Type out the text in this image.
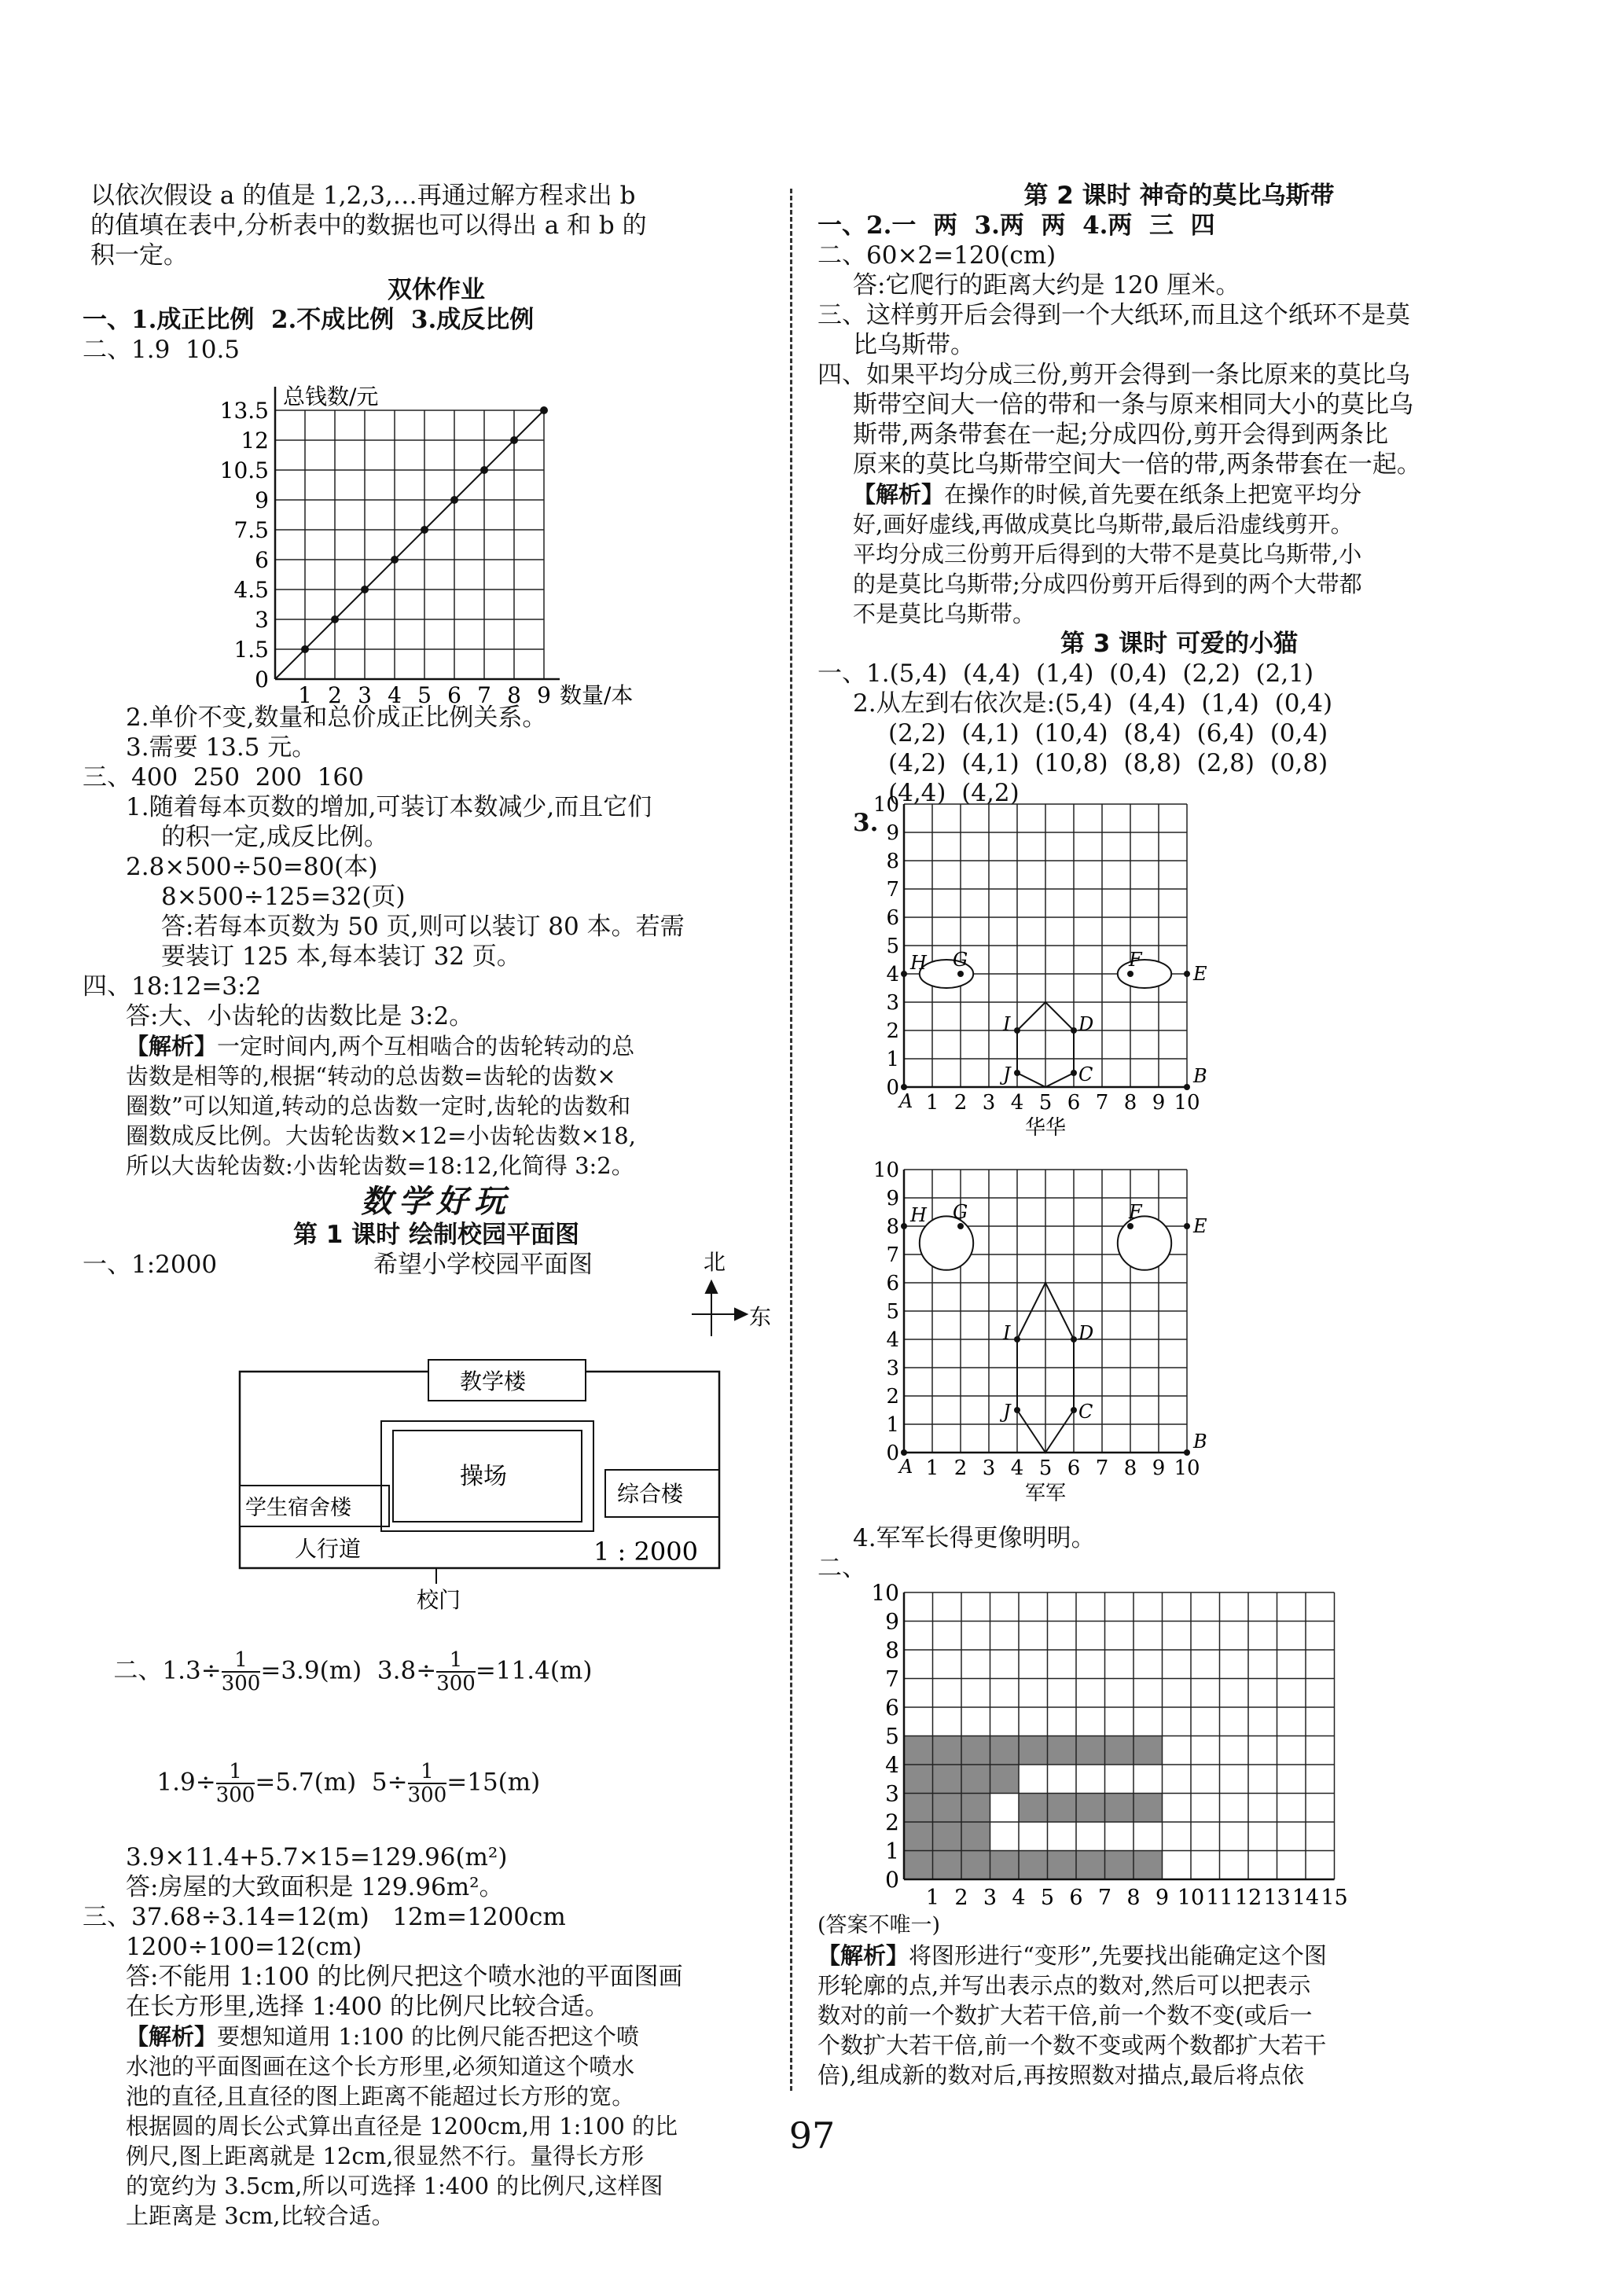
以依次假设 a 的值是 1,2,3,…再通过解方程求出 b

的值填在表中,分析表中的数据也可以得出 a 和 b 的

积一定。

双休作业

一、1.成正比例  2.不成比例  3.成反比例

二、1.9  10.5

0
1.5
3
4.5
6
7.5
9
10.5
12
13.5
1 2 3 4 5 6 7 8 9
总钱数/元
数量/本

2.单价不变,数量和总价成正比例关系。

3.需要 13.5 元。

三、400  250  200  160

1.随着每本页数的增加,可装订本数减少,而且它们

的积一定,成反比例。

2.8×500÷50=80(本)

8×500÷125=32(页)

答:若每本页数为 50 页,则可以装订 80 本。若需

要装订 125 本,每本装订 32 页。

四、18:12=3:2

答:大、小齿轮的齿数比是 3:2。

【解析】一定时间内,两个互相啮合的齿轮转动的总

齿数是相等的,根据“转动的总齿数=齿轮的齿数×

圈数”可以知道,转动的总齿数一定时,齿轮的齿数和

圈数成反比例。大齿轮齿数×12=小齿轮齿数×18,

所以大齿轮齿数:小齿轮齿数=18:12,化简得 3:2。

数学好玩

第 1 课时 绘制校园平面图

一、1:2000	希望小学校园平面图	北
东
教学楼
学生宿舍楼
操场
综合楼
人行道	1 : 2000
校门

二、$1.3\div \frac{1}{300} =3.9(m)$  $3.8\div \frac{1}{300} =11.4(m)$

$1.9\div \frac{1}{300} =5.7(m)$  $5\div \frac{1}{300} =15(m)$

3.9×11.4+5.7×15=129.96(m²)

答:房屋的大致面积是 129.96m²。

三、37.68÷3.14=12(m)   12m=1200cm

1200÷100=12(cm)

答:不能用 1:100 的比例尺把这个喷水池的平面图画

在长方形里,选择 1:400 的比例尺比较合适。

【解析】要想知道用 1:100 的比例尺能否把这个喷

水池的平面图画在这个长方形里,必须知道这个喷水

池的直径,且直径的图上距离不能超过长方形的宽。

根据圆的周长公式算出直径是 1200cm,用 1:100 的比

例尺,图上距离就是 12cm,很显然不行。量得长方形

的宽约为 3.5cm,所以可选择 1:400 的比例尺,这样图

上距离是 3cm,比较合适。

第 2 课时 神奇的莫比乌斯带

一、2.一  两  3.两  两  4.两  三  四

二、60×2=120(cm)

答:它爬行的距离大约是 120 厘米。

三、这样剪开后会得到一个大纸环,而且这个纸环不是莫

比乌斯带。

四、如果平均分成三份,剪开会得到一条比原来的莫比乌

斯带空间大一倍的带和一条与原来相同大小的莫比乌

斯带,两条带套在一起;分成四份,剪开会得到两条比

原来的莫比乌斯带空间大一倍的带,两条带套在一起。

【解析】在操作的时候,首先要在纸条上把宽平均分

好,画好虚线,再做成莫比乌斯带,最后沿虚线剪开。

平均分成三份剪开后得到的大带不是莫比乌斯带,小

的是莫比乌斯带;分成四份剪开后得到的两个大带都

不是莫比乌斯带。

第 3 课时 可爱的小猫

一、1.(5,4)  (4,4)  (1,4)  (0,4)  (2,2)  (2,1)

2.从左到右依次是:(5,4)  (4,4)  (1,4)  (0,4)

(2,2)  (4,1)  (10,4)  (8,4)  (6,4)  (0,4)

(4,2)  (4,1)  (10,8)  (8,8)  (2,8)  (0,8)

(4,4)  (4,2)

3.
0
1
1
2
2
3
3
4
4
5
5
6
6
7
7
8
8
9
9
10
10
H G	F
E
I	D
J	C
A
B
华华
0
1
1
2
2
3
3
4
4
5
5
6
6
7
7
8
8
9
9
10
10
H G	F
E
I	D
J	C
A
B
军军

4.军军长得更像明明。

二、
0
1
2
3
4
5
6
7
8
9
10
1 2 3 4 5 6 7 8 9 10 11 12 13 14 15

(答案不唯一)

【解析】将图形进行“变形”,先要找出能确定这个图

形轮廓的点,并写出表示点的数对,然后可以把表示

数对的前一个数扩大若干倍,前一个数不变(或后一

个数扩大若干倍,前一个数不变或两个数都扩大若干

倍),组成新的数对后,再按照数对描点,最后将点依

97
